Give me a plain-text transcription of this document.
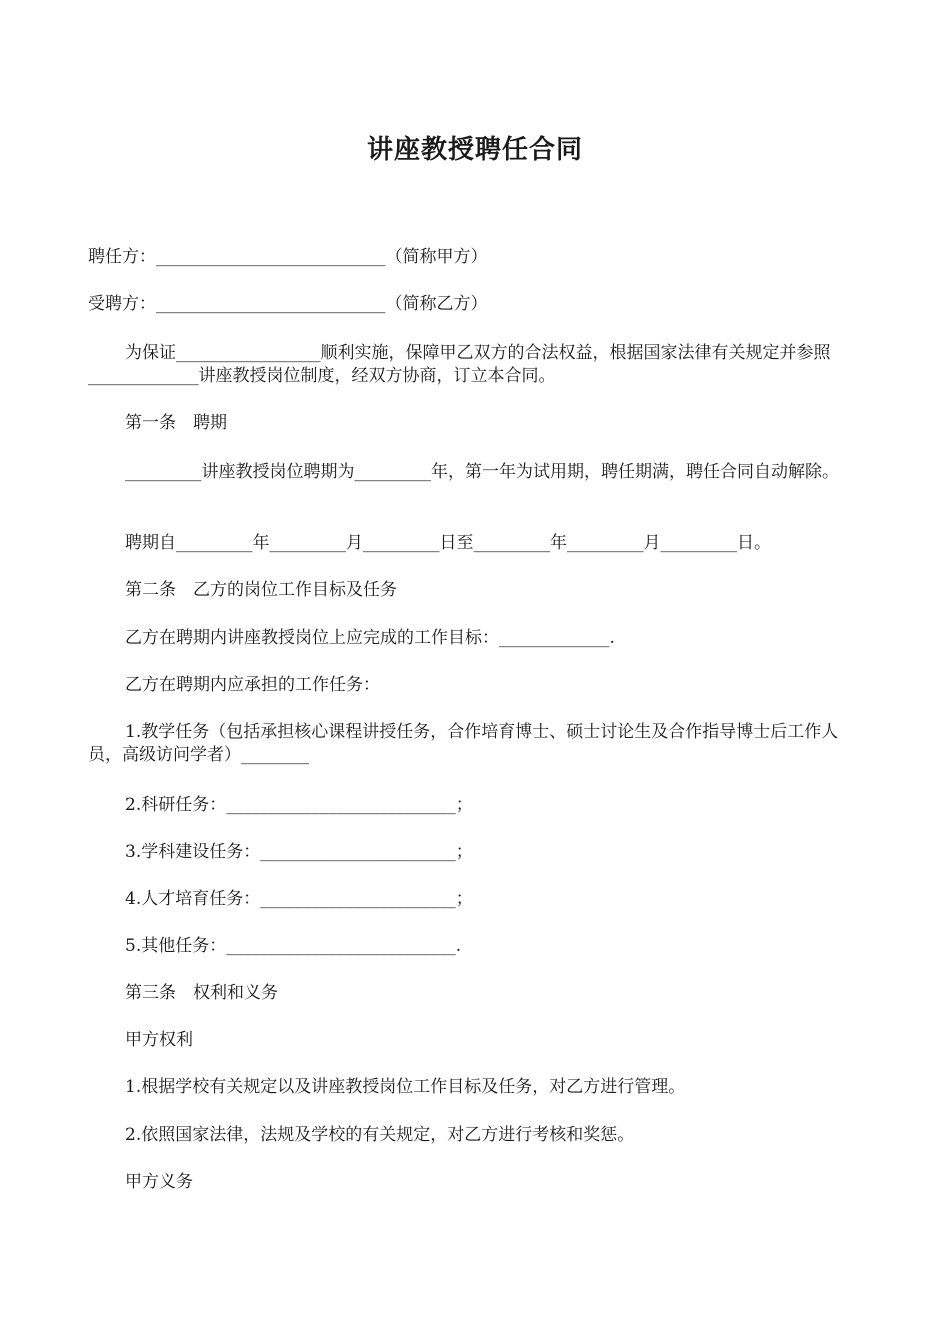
讲座教授聘任合同
聘任方：___________________________（简称甲方）
受聘方：___________________________（简称乙方）
为保证_________________顺利实施，保障甲乙双方的合法权益，根据国家法律有关规定并参照_____________讲座教授岗位制度，经双方协商，订立本合同。
第一条　聘期
_________讲座教授岗位聘期为_________年，第一年为试用期，聘任期满，聘任合同自动解除。
聘期自_________年_________月_________日至_________年_________月_________日。
第二条　乙方的岗位工作目标及任务
乙方在聘期内讲座教授岗位上应完成的工作目标：_____________.
乙方在聘期内应承担的工作任务：
1.教学任务（包括承担核心课程讲授任务，合作培育博士、硕士讨论生及合作指导博士后工作人员，高级访问学者）________
2.科研任务：___________________________；
3.学科建设任务：_______________________；
4.人才培育任务：_______________________；
5.其他任务：___________________________.
第三条　权利和义务
甲方权利
1.根据学校有关规定以及讲座教授岗位工作目标及任务，对乙方进行管理。
2.依照国家法律，法规及学校的有关规定，对乙方进行考核和奖惩。
甲方义务
